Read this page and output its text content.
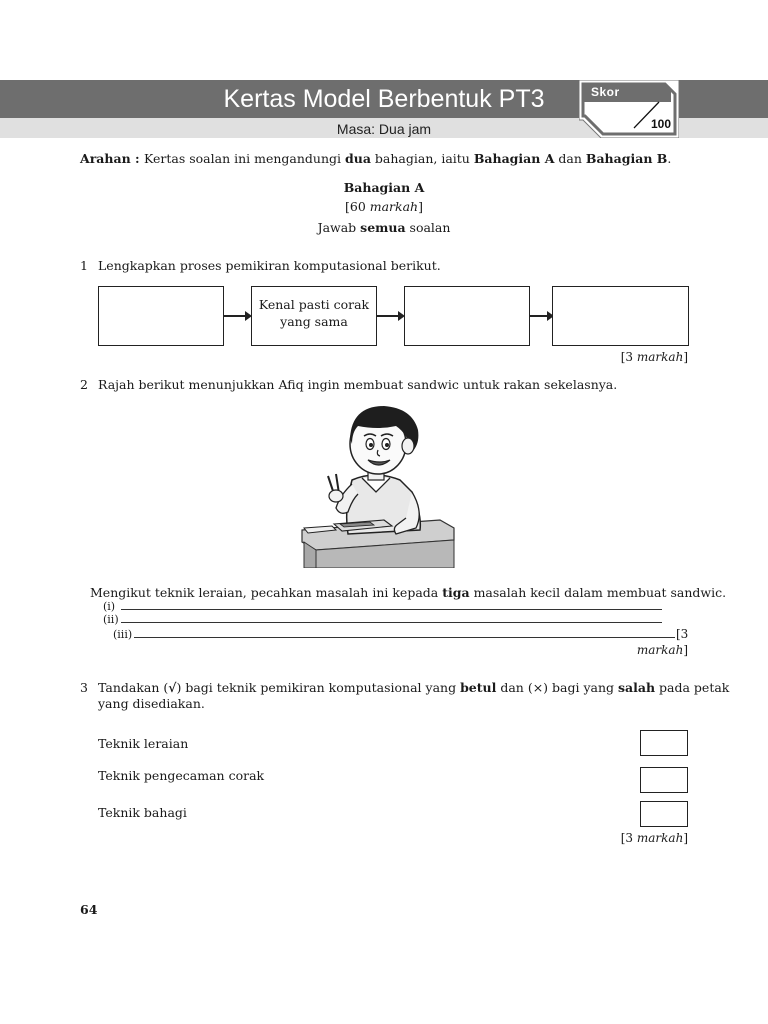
Kertas Model Berbentuk PT3
Masa: Dua jam
Skor
100
Arahan : Kertas soalan ini mengandungi dua bahagian, iaitu Bahagian A dan Bahagian B.
Bahagian A
[60 markah]
Jawab semua soalan
1 Lengkapkan proses pemikiran komputasional berikut.
Kenal pasti corak
yang sama
[3 markah]
2 Rajah berikut menunjukkan Afiq ingin membuat sandwic untuk rakan sekelasnya.
Mengikut teknik leraian, pecahkan masalah ini kepada tiga masalah kecil dalam membuat sandwic.
(i)
(ii)
(iii)	[3
markah]
3 Tandakan (√) bagi teknik pemikiran komputasional yang betul dan (×) bagi yang salah pada petak
yang disediakan.
Teknik leraian
Teknik pengecaman corak
Teknik bahagi
[3 markah]
64
